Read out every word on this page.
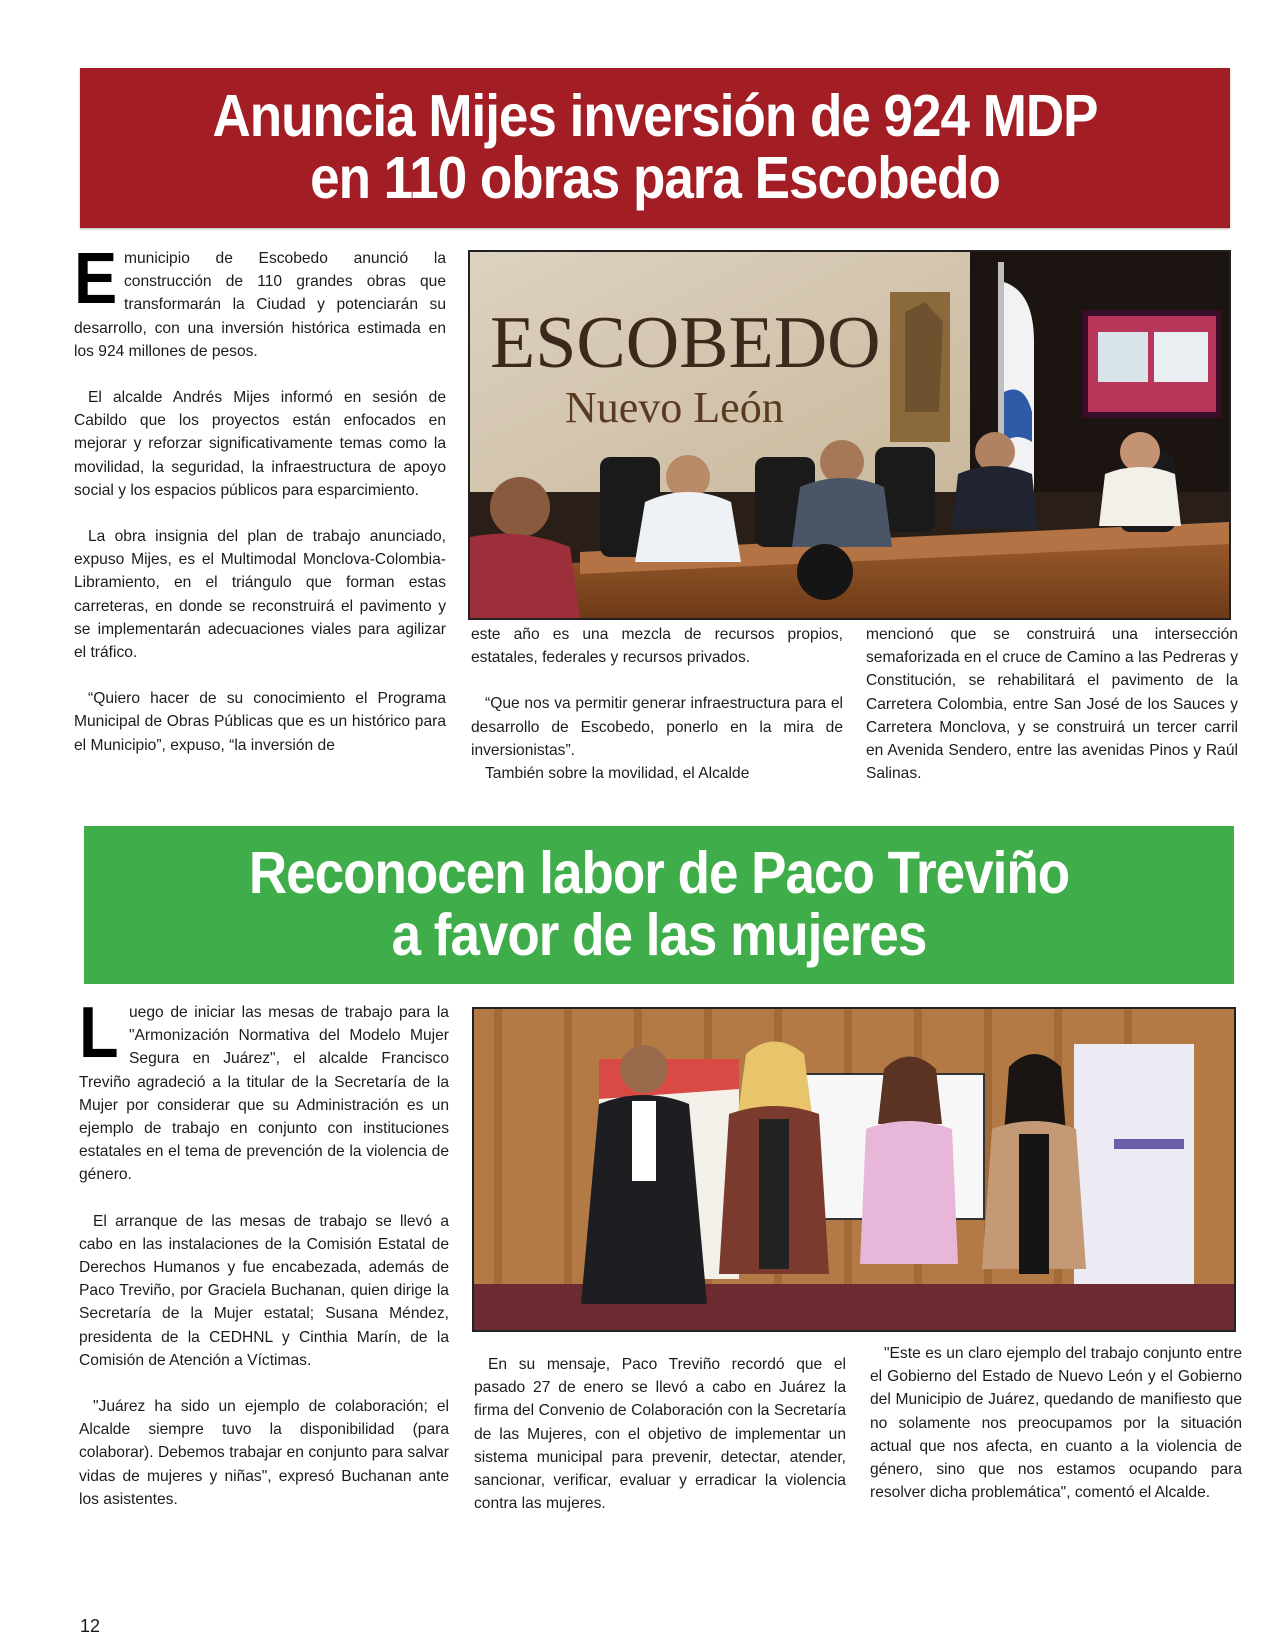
Anuncia Mijes inversión de 924 MDP
en 110 obras para Escobedo

Emunicipio de Escobedo anunció la construcción de 110 grandes obras que transformarán la Ciudad y potenciarán su desarrollo, con una inversión histórica estimada en los 924 millones de pesos.

El alcalde Andrés Mijes informó en sesión de Cabildo que los proyectos están enfocados en mejorar y reforzar significativamente temas como la movilidad, la seguridad, la infraestructura de apoyo social y los espacios públicos para esparcimiento.

La obra insignia del plan de trabajo anunciado, expuso Mijes, es el Multimodal Monclova-Colombia-Libramiento, en el triángulo que forman estas carreteras, en donde se reconstruirá el pavimento y se implementarán adecuaciones viales para agilizar el tráfico.

“Quiero hacer de su conocimiento el Programa Municipal de Obras Públicas que es un histórico para el Municipio”, expuso, “la inversión de

ESCOBEDO
Nuevo León

este año es una mezcla de recursos propios, estatales, federales y recursos privados.

“Que nos va permitir generar infraestructura para el desarrollo de Escobedo, ponerlo en la mira de inversionistas”.

También sobre la movilidad, el Alcalde

mencionó que se construirá una intersección semaforizada en el cruce de Camino a las Pedreras y Constitución, se rehabilitará el pavimento de la Carretera Colombia, entre San José de los Sauces y Carretera Monclova, y se construirá un tercer carril en Avenida Sendero, entre las avenidas Pinos y Raúl Salinas.

Reconocen labor de Paco Treviño
a favor de las mujeres

Luego de iniciar las mesas de trabajo para la "Armonización Normativa del Modelo Mujer Segura en Juárez", el alcalde Francisco Treviño agradeció a la titular de la Secretaría de la Mujer por considerar que su Administración es un ejemplo de trabajo en conjunto con instituciones estatales en el tema de prevención de la violencia de género.

El arranque de las mesas de trabajo se llevó a cabo en las instalaciones de la Comisión Estatal de Derechos Humanos y fue encabezada, además de Paco Treviño, por Graciela Buchanan, quien dirige la Secretaría de la Mujer estatal; Susana Méndez, presidenta de la CEDHNL y Cinthia Marín, de la Comisión de Atención a Víctimas.

"Juárez ha sido un ejemplo de colaboración; el Alcalde siempre tuvo la disponibilidad (para colaborar). Debemos trabajar en conjunto para salvar vidas de mujeres y niñas", expresó Buchanan ante los asistentes.

En su mensaje, Paco Treviño recordó que el pasado 27 de enero se llevó a cabo en Juárez la firma del Convenio de Colaboración con la Secretaría de las Mujeres, con el objetivo de implementar un sistema municipal para prevenir, detectar, atender, sancionar, verificar, evaluar y erradicar la violencia contra las mujeres.

"Este es un claro ejemplo del trabajo conjunto entre el Gobierno del Estado de Nuevo León y el Gobierno del Municipio de Juárez, quedando de manifiesto que no solamente nos preocupamos por la situación actual que nos afecta, en cuanto a la violencia de género, sino que nos estamos ocupando para resolver dicha problemática", comentó el Alcalde.

12
